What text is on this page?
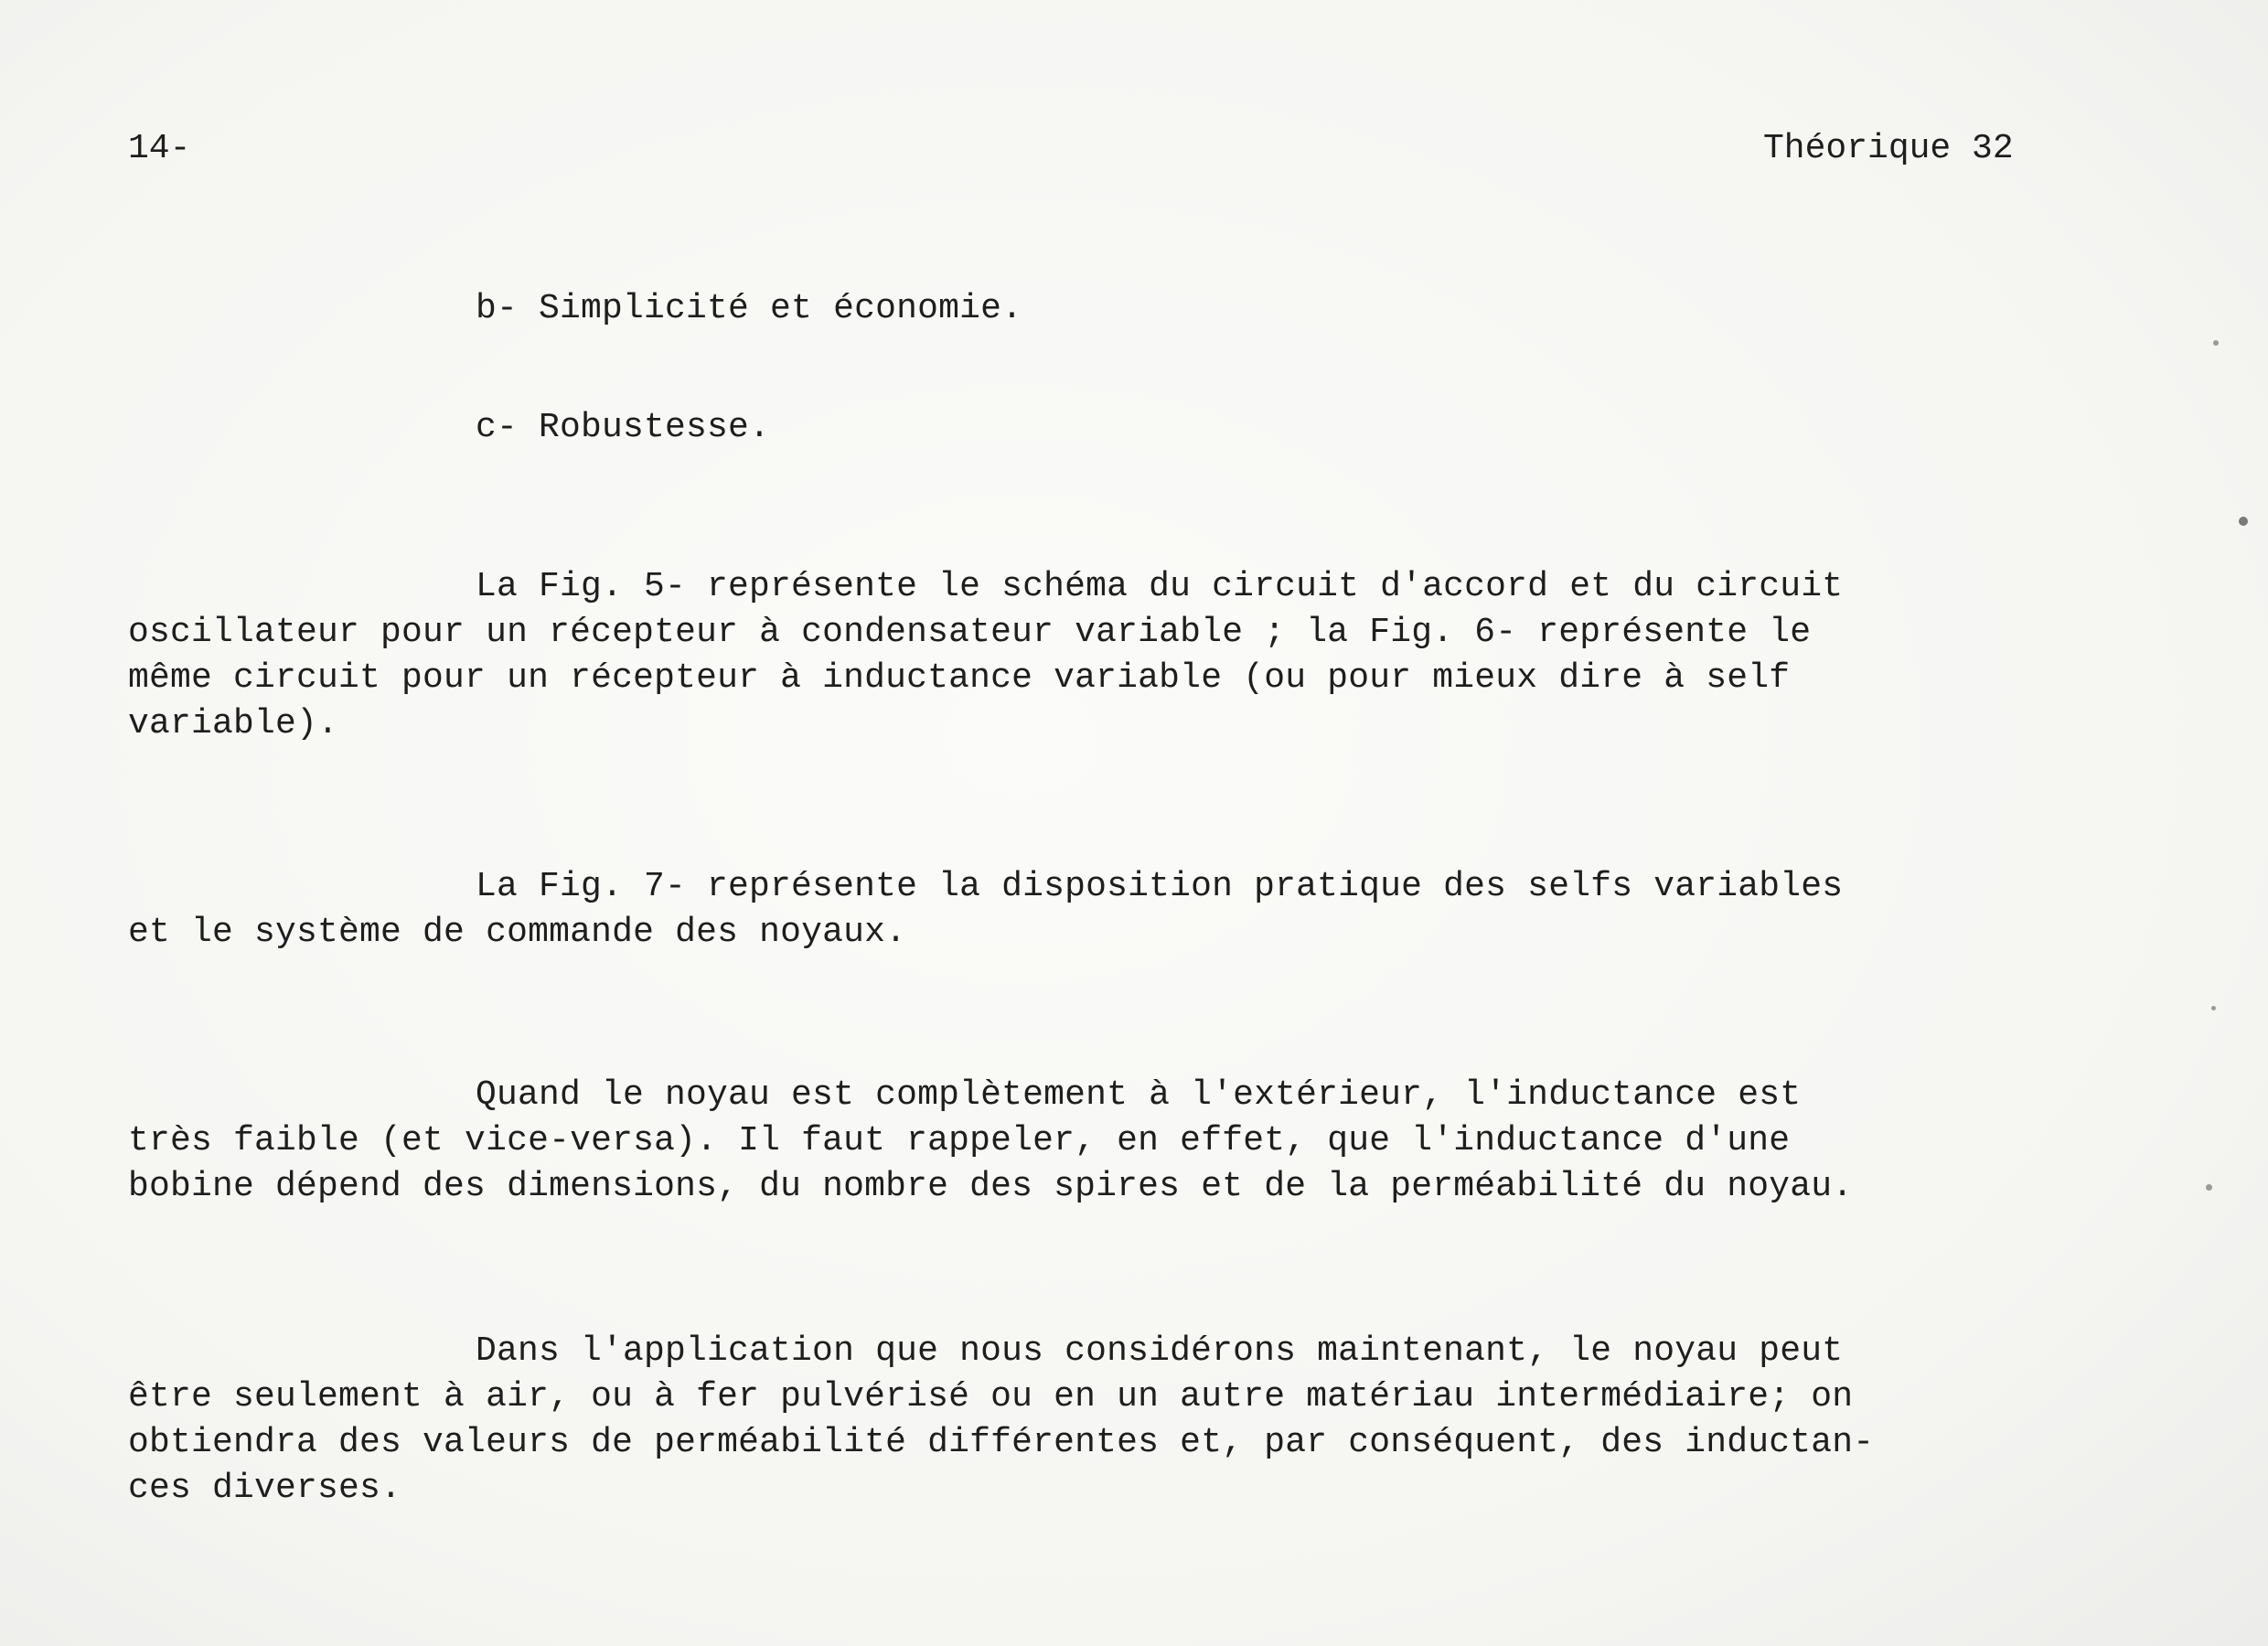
14-	Théorique 32
b- Simplicité et économie.
c- Robustesse.
La Fig. 5- représente le schéma du circuit d'accord et du circuit
oscillateur pour un récepteur à condensateur variable ; la Fig. 6- représente le
même circuit pour un récepteur à inductance variable (ou pour mieux dire à self
variable).
La Fig. 7- représente la disposition pratique des selfs variables
et le système de commande des noyaux.
Quand le noyau est complètement à l'extérieur, l'inductance est
très faible (et vice-versa). Il faut rappeler, en effet, que l'inductance d'une
bobine dépend des dimensions, du nombre des spires et de la perméabilité du noyau.
Dans l'application que nous considérons maintenant, le noyau peut
être seulement à air, ou à fer pulvérisé ou en un autre matériau intermédiaire; on
obtiendra des valeurs de perméabilité différentes et, par conséquent, des inductan-
ces diverses.
